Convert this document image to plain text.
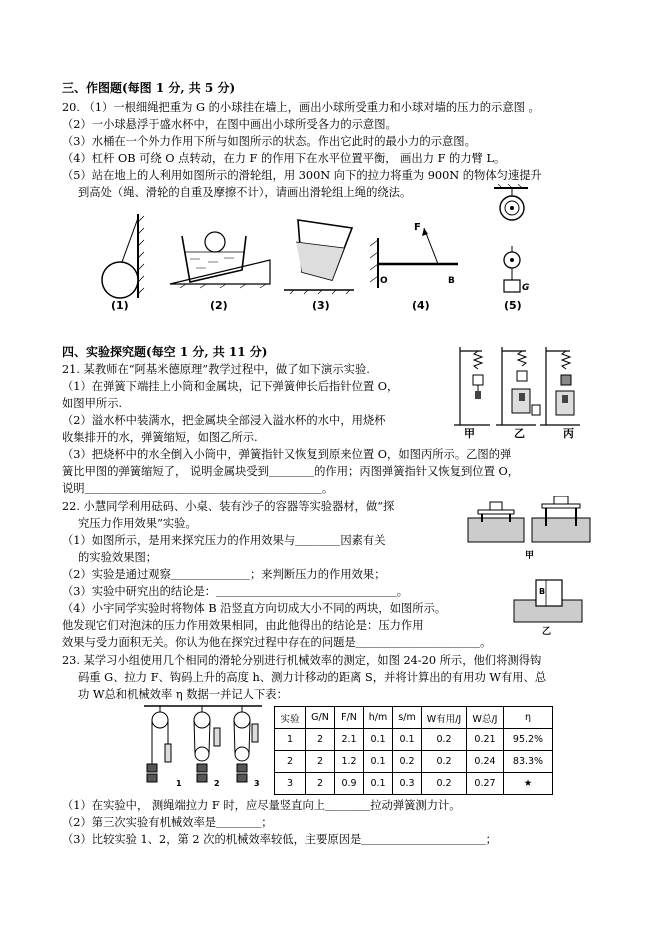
三、作图题(每图 1 分, 共 5 分)
20. （1）一根细绳把重为 G 的小球挂在墙上，画出小球所受重力和小球对墙的压力的示意图 。
（2）一小球悬浮于盛水杯中，在图中画出小球所受各力的示意图。
（3）水桶在一个外力作用下所与如图所示的状态。作出它此时的最小力的示意图。
（4）杠杆 OB 可绕 O 点转动，在力 F 的作用下在水平位置平衡， 画出力 F 的力臂 L。
（5）站在地上的人利用如图所示的滑轮组，用 300N 向下的拉力将重为 900N 的物体匀速提升
到高处（绳、滑轮的自重及摩擦不计），请画出滑轮组上绳的绕法。
(1)	(2)	(3)
F
O	B
(4)
G
(5)
四、实验探究题(每空 1 分, 共 11 分)
21. 某教师在“阿基米德原理”教学过程中，做了如下演示实验.
（1）在弹簧下端挂上小筒和金属块，记下弹簧伸长后指针位置 O，
如图甲所示.
（2）溢水杯中装满水，把金属块全部浸入溢水杯的水中，用烧杯
收集排开的水，弹簧缩短，如图乙所示.
（3）把烧杯中的水全倒入小筒中，弹簧指针又恢复到原来位置 O，如图丙所示。乙图的弹
簧比甲图的弹簧缩短了， 说明金属块受到＿＿＿＿的作用；丙图弹簧指针又恢复到位置 O，
说明＿＿＿＿＿＿＿＿＿＿＿＿＿＿＿＿＿＿＿＿＿。
甲	乙	丙
22. 小慧同学利用砝码、小桌、装有沙子的容器等实验器材，做“探
究压力作用效果”实验。
（1）如图所示，是用来探究压力的作用效果与＿＿＿＿因素有关
的实验效果图；
（2）实验是通过观察＿＿＿＿＿＿＿；来判断压力的作用效果；
（3）实验中研究出的结论是：＿＿＿＿＿＿＿＿＿＿＿＿＿＿＿＿。
（4）小宇同学实验时将物体 B 沿竖直方向切成大小不同的两块，如图所示。
他发现它们对泡沫的压力作用效果相同，由此他得出的结论是：压力作用
效果与受力面积无关。你认为他在探究过程中存在的问题是＿＿＿＿＿＿＿＿＿＿＿。
甲
B
乙
23. 某学习小组使用几个相同的滑轮分别进行机械效率的测定，如图 24-20 所示，他们将测得钩
码重 G、拉力 F、钩码上升的高度 h、测力计移动的距离 S，并将计算出的有用功 W有用、总
功 W总和机械效率 η 数据一并记人下表：
1	2	3
实验	G/N	F/N	h/m	s/m	W有用/J	W总/J	η
1	2	2.1	0.1	0.1	0.2	0.21	95.2%
2	2	1.2	0.1	0.2	0.2	0.24	83.3%
3	2	0.9	0.1	0.3	0.2	0.27	★
（1）在实验中， 测绳端拉力 F 时，应尽量竖直向上＿＿＿＿拉动弹簧测力计。
（2）第三次实验有机械效率是＿＿＿＿；
（3）比较实验 1、2，第 2 次的机械效率较低，主要原因是＿＿＿＿＿＿＿＿＿＿＿；
